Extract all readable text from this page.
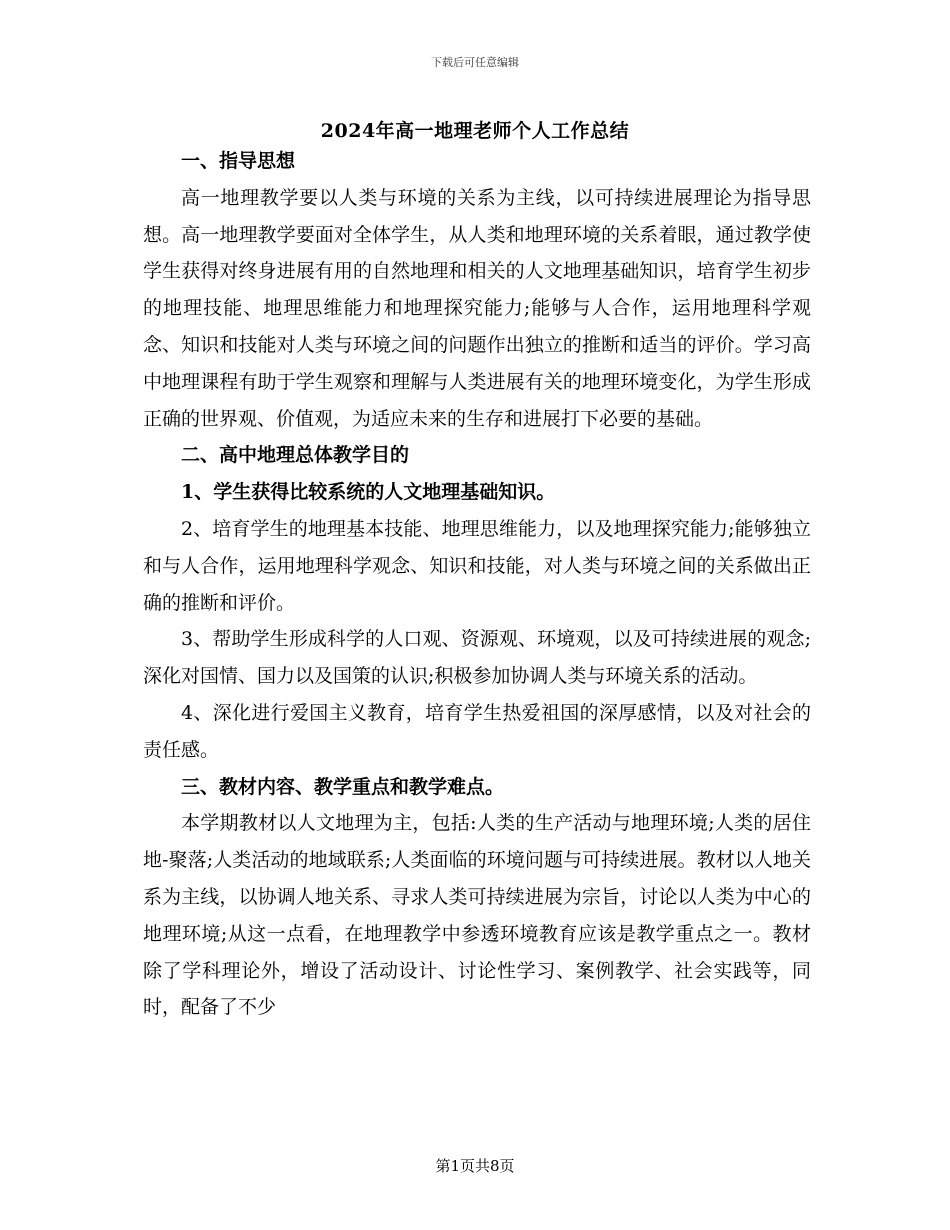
下载后可任意编辑
2024年高一地理老师个人工作总结

一、指导思想

高一地理教学要以人类与环境的关系为主线，以可持续进展理论为指导思想。高一地理教学要面对全体学生，从人类和地理环境的关系着眼，通过教学使学生获得对终身进展有用的自然地理和相关的人文地理基础知识，培育学生初步的地理技能、地理思维能力和地理探究能力;能够与人合作，运用地理科学观念、知识和技能对人类与环境之间的问题作出独立的推断和适当的评价。学习高中地理课程有助于学生观察和理解与人类进展有关的地理环境变化，为学生形成正确的世界观、价值观，为适应未来的生存和进展打下必要的基础。

二、高中地理总体教学目的

1、学生获得比较系统的人文地理基础知识。

2、培育学生的地理基本技能、地理思维能力，以及地理探究能力;能够独立和与人合作，运用地理科学观念、知识和技能，对人类与环境之间的关系做出正确的推断和评价。

3、帮助学生形成科学的人口观、资源观、环境观，以及可持续进展的观念;深化对国情、国力以及国策的认识;积极参加协调人类与环境关系的活动。

4、深化进行爱国主义教育，培育学生热爱祖国的深厚感情，以及对社会的责任感。

三、教材内容、教学重点和教学难点。

本学期教材以人文地理为主，包括:人类的生产活动与地理环境;人类的居住地-聚落;人类活动的地域联系;人类面临的环境问题与可持续进展。教材以人地关系为主线，以协调人地关系、寻求人类可持续进展为宗旨，讨论以人类为中心的地理环境;从这一点看，在地理教学中参透环境教育应该是教学重点之一。教材除了学科理论外，增设了活动设计、讨论性学习、案例教学、社会实践等，同时，配备了不少

第1页共8页
